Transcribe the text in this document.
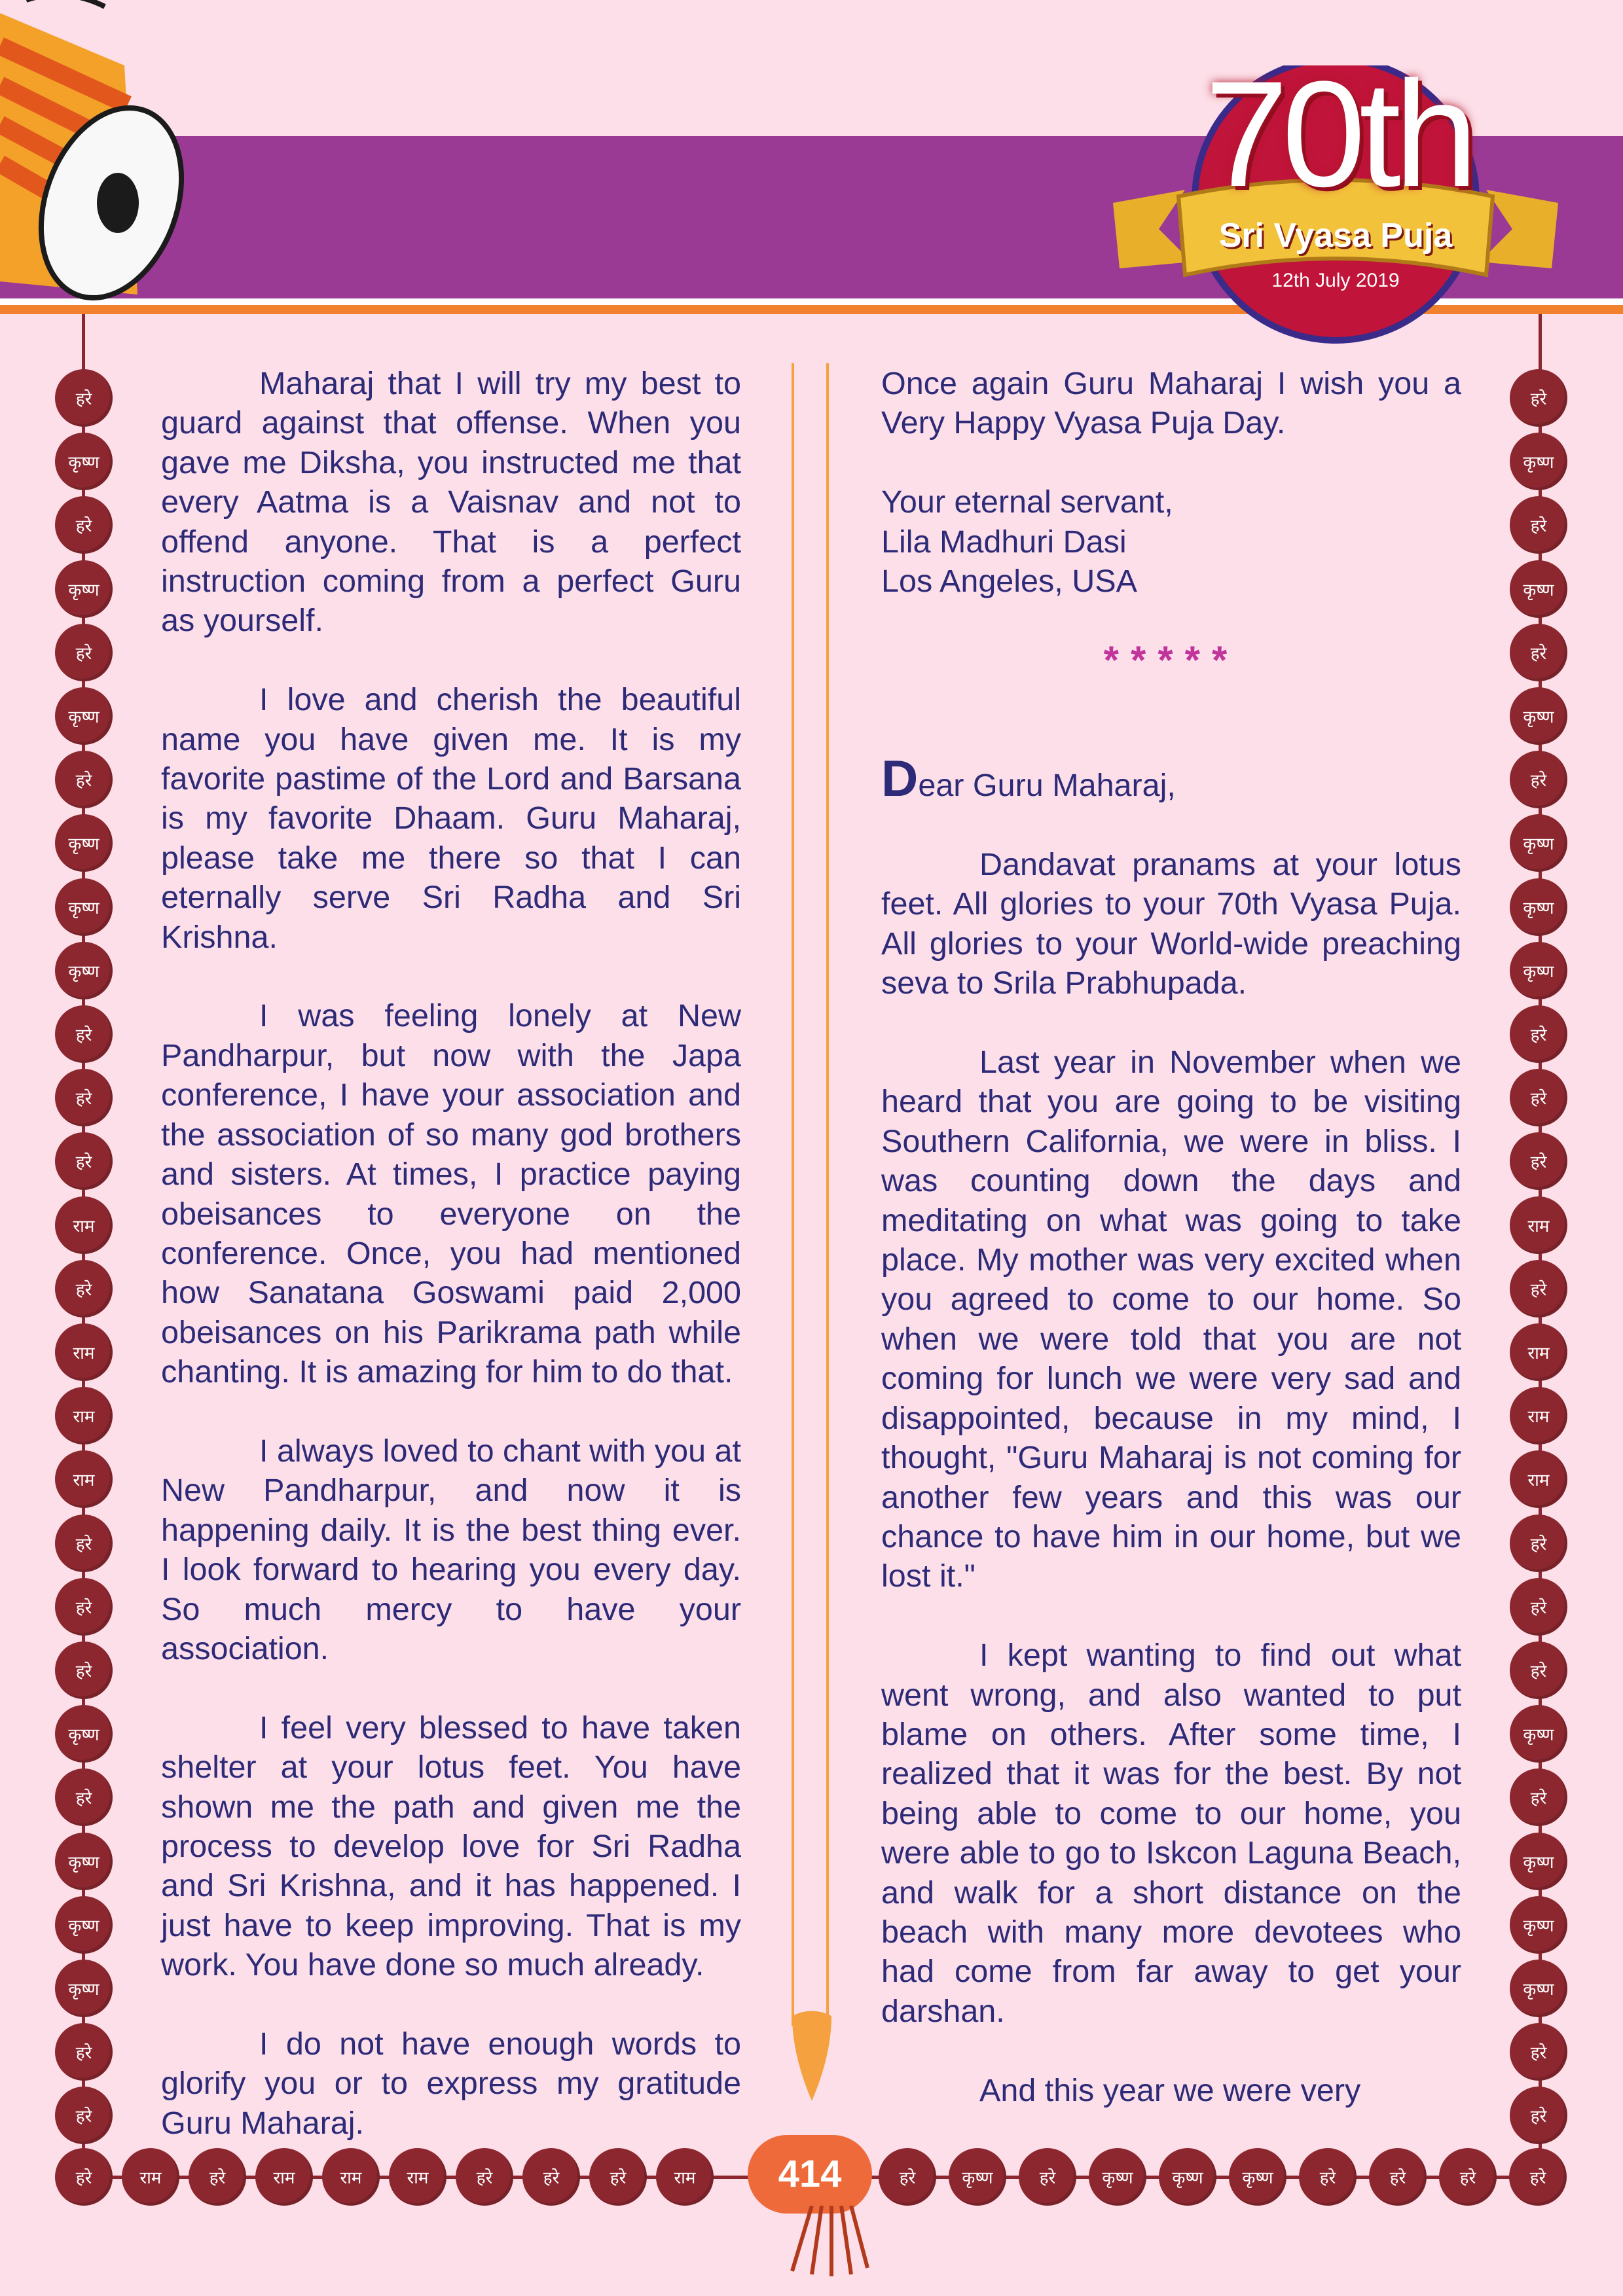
70th
Sri Vyasa Puja
12th July 2019
हरे
कृष्ण
हरे
कृष्ण
हरे
कृष्ण
हरे
कृष्ण
कृष्ण
कृष्ण
हरे
हरे
हरे
राम
हरे
राम
राम
राम
हरे
हरे
हरे
कृष्ण
हरे
कृष्ण
कृष्ण
कृष्ण
हरे
हरे
हरे
कृष्ण
हरे
कृष्ण
हरे
कृष्ण
हरे
कृष्ण
कृष्ण
कृष्ण
हरे
हरे
हरे
राम
हरे
राम
राम
राम
हरे
हरे
हरे
कृष्ण
हरे
कृष्ण
कृष्ण
कृष्ण
हरे
हरे
हरे	राम	हरे	राम	राम	राम	हरे	हरे	हरे	राम	हरे	कृष्ण	हरे	कृष्ण	कृष्ण	कृष्ण	हरे	हरे	हरे	हरे
414

Maharaj that I will try my best to guard against that offense. When you gave me Diksha, you instructed me that every Aatma is a Vaisnav and not to offend anyone. That is a perfect instruction coming from a perfect Guru as yourself.

I love and cherish the beautiful name you have given me. It is my favorite pastime of the Lord and Barsana is my favorite Dhaam. Guru Maharaj, please take me there so that I can eternally serve Sri Radha and Sri Krishna.

I was feeling lonely at New Pandharpur, but now with the Japa conference, I have your association and the association of so many god brothers and sisters. At times, I practice paying obeisances to everyone on the conference. Once, you had mentioned how Sanatana Goswami paid 2,000 obeisances on his Parikrama path while chanting. It is amazing for him to do that.

I always loved to chant with you at New Pandharpur, and now it is happening daily. It is the best thing ever. I look forward to hearing you every day. So much mercy to have your association.

I feel very blessed to have taken shelter at your lotus feet. You have shown me the path and given me the process to develop love for Sri Radha and Sri Krishna, and it has happened. I just have to keep improving. That is my work. You have done so much already.

I do not have enough words to glorify you or to express my gratitude Guru Maharaj.

Once again Guru Maharaj I wish you a Very Happy Vyasa Puja Day.

Your eternal servant,
Lila Madhuri Dasi
Los Angeles, USA

*****

Dear Guru Maharaj,

Dandavat pranams at your lotus feet. All glories to your 70th Vyasa Puja. All glories to your World-wide preaching seva to Srila Prabhupada.

Last year in November when we heard that you are going to be visiting Southern California, we were in bliss. I was counting down the days and meditating on what was going to take place. My mother was very excited when you agreed to come to our home. So when we were told that you are not coming for lunch we were very sad and disappointed, because in my mind, I thought, "Guru Maharaj is not coming for another few years and this was our chance to have him in our home, but we lost it."

I kept wanting to find out what went wrong, and also wanted to put blame on others. After some time, I realized that it was for the best. By not being able to come to our home, you were able to go to Iskcon Laguna Beach, and walk for a short distance on the beach with many more devotees who had come from far away to get your darshan.

And this year we were very
